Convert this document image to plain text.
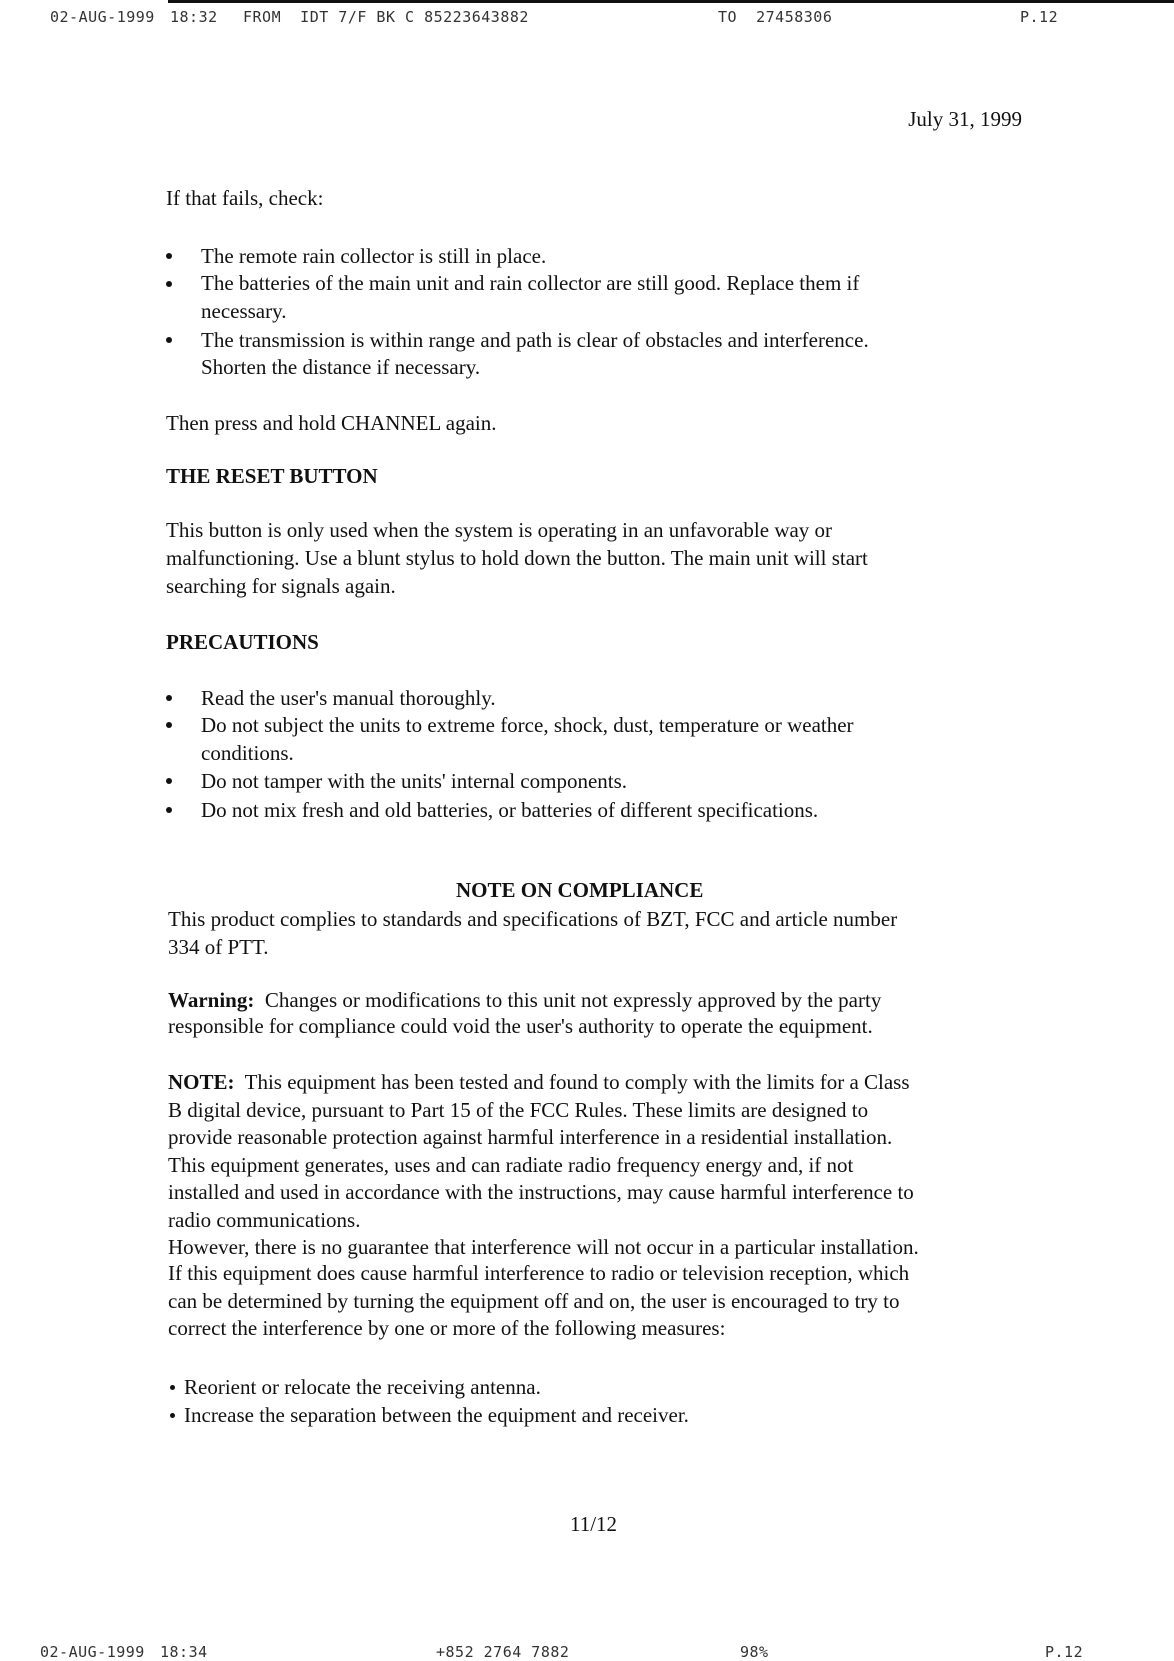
02-AUG-1999 18:32 FROM  IDT 7/F BK C 85223643882	TO  27458306	P.12
July 31, 1999
If that fails, check:
The remote rain collector is still in place.
The batteries of the main unit and rain collector are still good. Replace them if
necessary.
The transmission is within range and path is clear of obstacles and interference.
Shorten the distance if necessary.
Then press and hold CHANNEL again.
THE RESET BUTTON
This button is only used when the system is operating in an unfavorable way or
malfunctioning. Use a blunt stylus to hold down the button. The main unit will start
searching for signals again.
PRECAUTIONS
Read the user's manual thoroughly.
Do not subject the units to extreme force, shock, dust, temperature or weather
conditions.
Do not tamper with the units' internal components.
Do not mix fresh and old batteries, or batteries of different specifications.
NOTE ON COMPLIANCE
This product complies to standards and specifications of BZT, FCC and article number
334 of PTT.
Warning: Changes or modifications to this unit not expressly approved by the party
responsible for compliance could void the user's authority to operate the equipment.
NOTE: This equipment has been tested and found to comply with the limits for a Class
B digital device, pursuant to Part 15 of the FCC Rules. These limits are designed to
provide reasonable protection against harmful interference in a residential installation.
This equipment generates, uses and can radiate radio frequency energy and, if not
installed and used in accordance with the instructions, may cause harmful interference to
radio communications.
However, there is no guarantee that interference will not occur in a particular installation.
If this equipment does cause harmful interference to radio or television reception, which
can be determined by turning the equipment off and on, the user is encouraged to try to
correct the interference by one or more of the following measures:
Reorient or relocate the receiving antenna.
Increase the separation between the equipment and receiver.
11/12
02-AUG-1999 18:34	+852 2764 7882	98%	P.12
